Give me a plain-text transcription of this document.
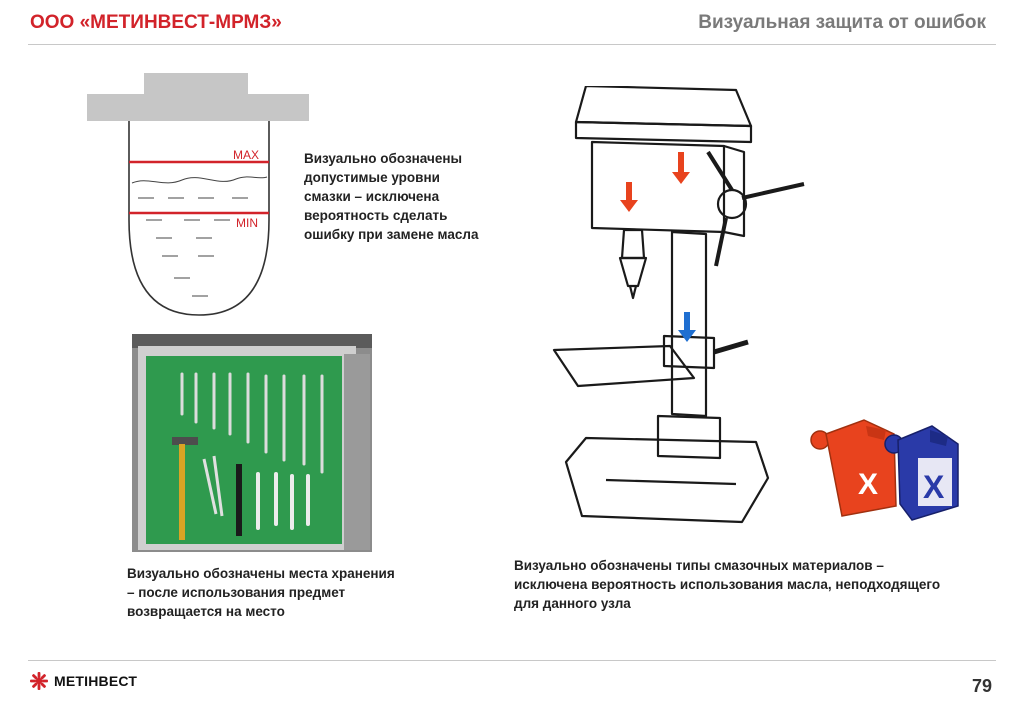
ООО «МЕТИНВЕСТ-МРМЗ»	Визуальная защита от ошибок
MAX
MIN
Визуально обозначены допустимые уровни смазки – исключена вероятность сделать ошибку при замене масла
Визуально обозначены места хранения – после использования предмет возвращается на место
X X
Визуально обозначены типы смазочных материалов – исключена вероятность использования масла, неподходящего для данного узла
МЕТІНВЕСТ	79
